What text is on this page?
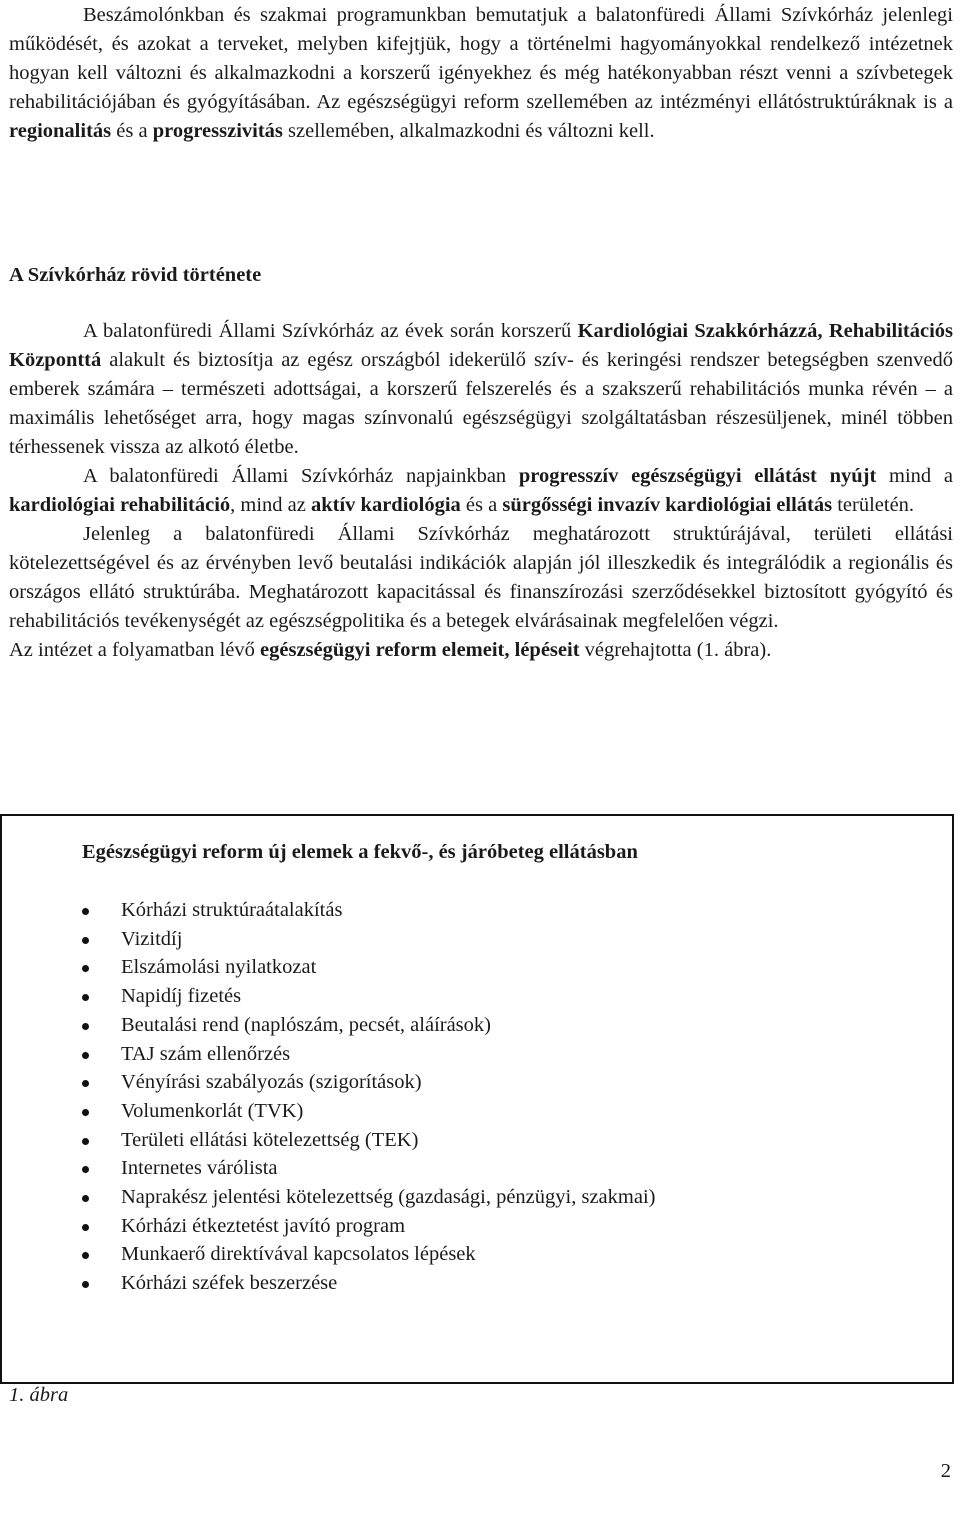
Beszámolónkban és szakmai programunkban bemutatjuk a balatonfüredi Állami Szívkórház jelenlegi működését, és azokat a terveket, melyben kifejtjük, hogy a történelmi hagyományokkal rendelkező intézetnek hogyan kell változni és alkalmazkodni a korszerű igényekhez és még hatékonyabban részt venni a szívbetegek rehabilitációjában és gyógyításában. Az egészségügyi reform szellemében az intézményi ellátóstruktúráknak is a regionalitás és a progresszivitás szellemében, alkalmazkodni és változni kell.

A Szívkórház rövid története

A balatonfüredi Állami Szívkórház az évek során korszerű Kardiológiai Szakkórházzá, Rehabilitációs Központtá alakult és biztosítja az egész országból idekerülő szív- és keringési rendszer betegségben szenvedő emberek számára – természeti adottságai, a korszerű felszerelés és a szakszerű rehabilitációs munka révén – a maximális lehetőséget arra, hogy magas színvonalú egészségügyi szolgáltatásban részesüljenek, minél többen térhessenek vissza az alkotó életbe.

A balatonfüredi Állami Szívkórház napjainkban progresszív egészségügyi ellátást nyújt mind a kardiológiai rehabilitáció, mind az aktív kardiológia és a sürgősségi invazív kardiológiai ellátás területén.

Jelenleg a balatonfüredi Állami Szívkórház meghatározott struktúrájával, területi ellátási kötelezettségével és az érvényben levő beutalási indikációk alapján jól illeszkedik és integrálódik a regionális és országos ellátó struktúrába. Meghatározott kapacitással és finanszírozási szerződésekkel biztosított gyógyító és rehabilitációs tevékenységét az egészségpolitika és a betegek elvárásainak megfelelően végzi.

Az intézet a folyamatban lévő egészségügyi reform elemeit, lépéseit végrehajtotta (1. ábra).

Egészségügyi reform új elemek a fekvő-, és járóbeteg ellátásban

Kórházi struktúraátalakítás
Vizitdíj
Elszámolási nyilatkozat
Napidíj fizetés
Beutalási rend (naplószám, pecsét, aláírások)
TAJ szám ellenőrzés
Vényírási szabályozás (szigorítások)
Volumenkorlát (TVK)
Területi ellátási kötelezettség (TEK)
Internetes várólista
Naprakész jelentési kötelezettség (gazdasági, pénzügyi, szakmai)
Kórházi étkeztetést javító program
Munkaerő direktívával kapcsolatos lépések
Kórházi széfek beszerzése

1. ábra

2
